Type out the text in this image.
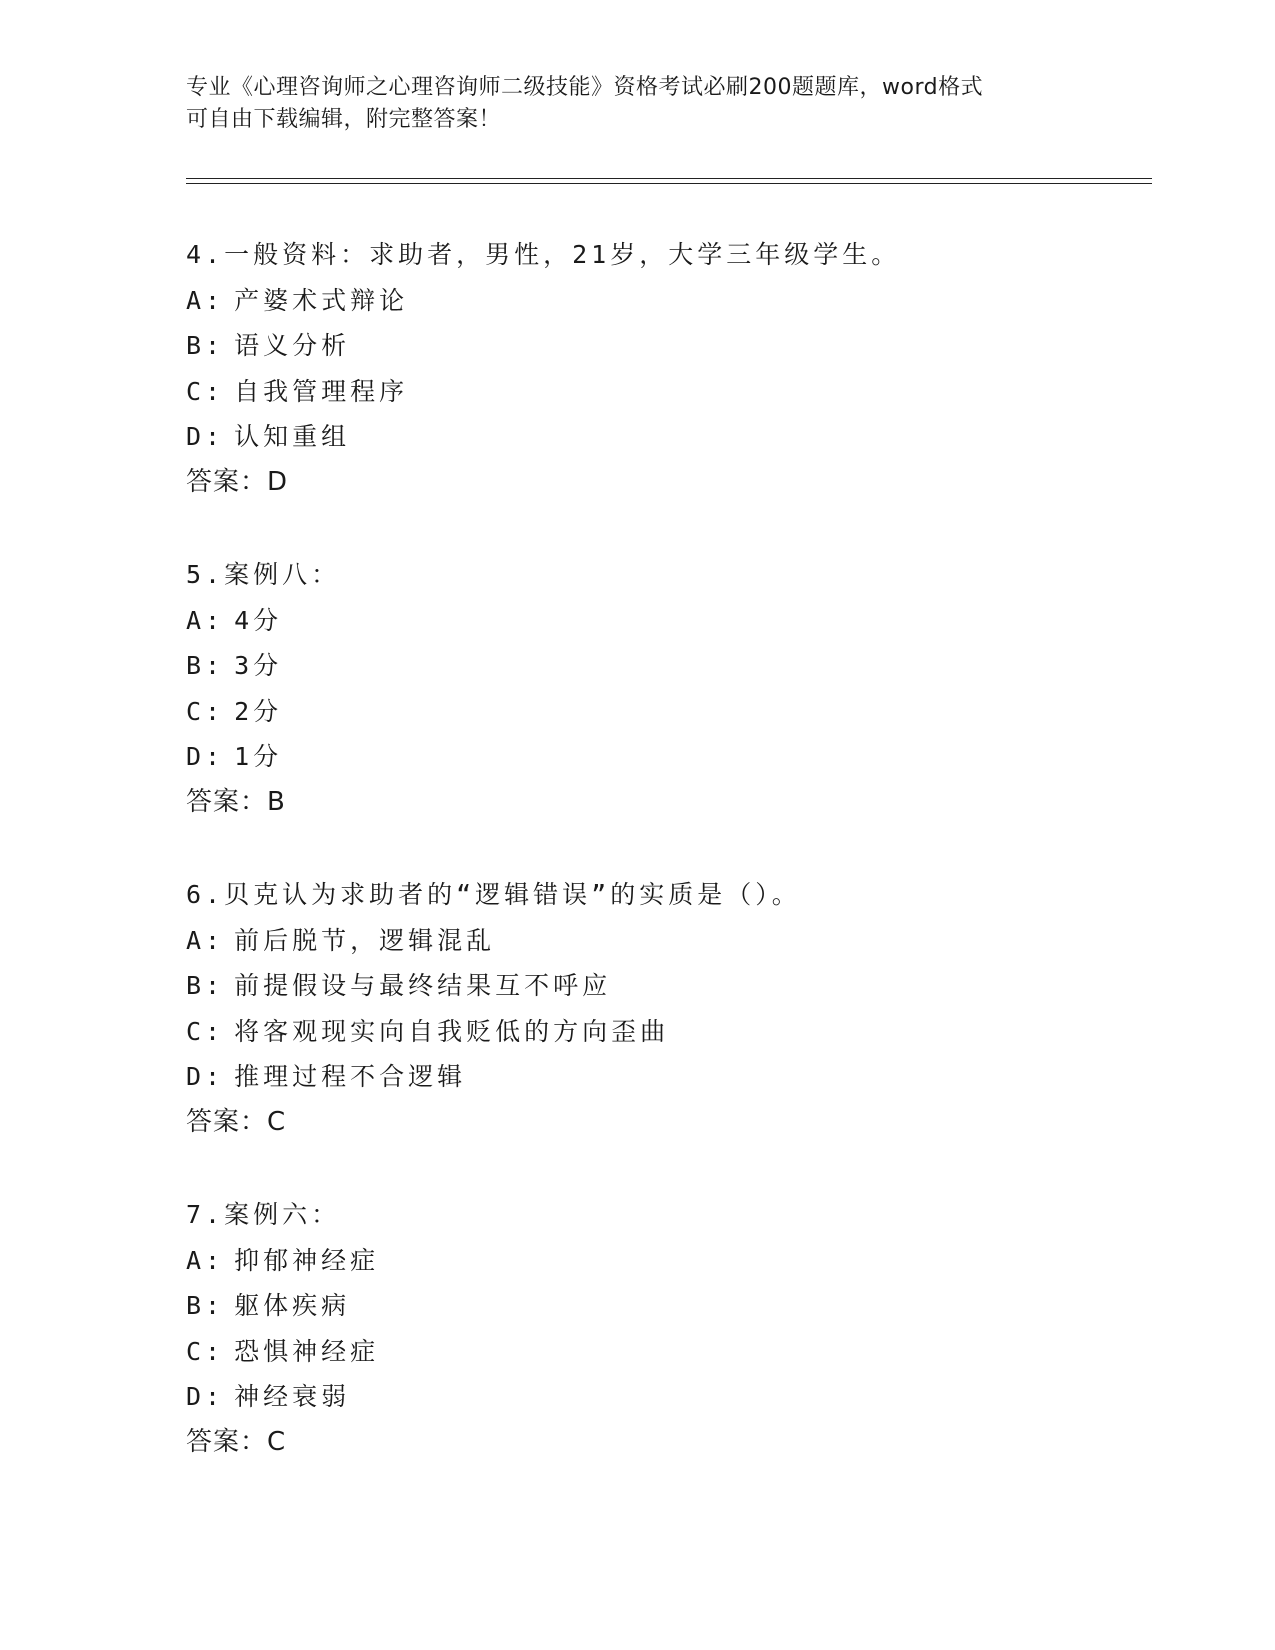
专业《心理咨询师之心理咨询师二级技能》资格考试必刷200题题库，word格式
可自由下载编辑，附完整答案！
4.一般资料：求助者，男性，21岁，大学三年级学生。
A: 产婆术式辩论
B: 语义分析
C: 自我管理程序
D: 认知重组
答案：D
5.案例八：
A: 4分
B: 3分
C: 2分
D: 1分
答案：B
6.贝克认为求助者的“逻辑错误”的实质是（）。
A: 前后脱节，逻辑混乱
B: 前提假设与最终结果互不呼应
C: 将客观现实向自我贬低的方向歪曲
D: 推理过程不合逻辑
答案：C
7.案例六：
A: 抑郁神经症
B: 躯体疾病
C: 恐惧神经症
D: 神经衰弱
答案：C
